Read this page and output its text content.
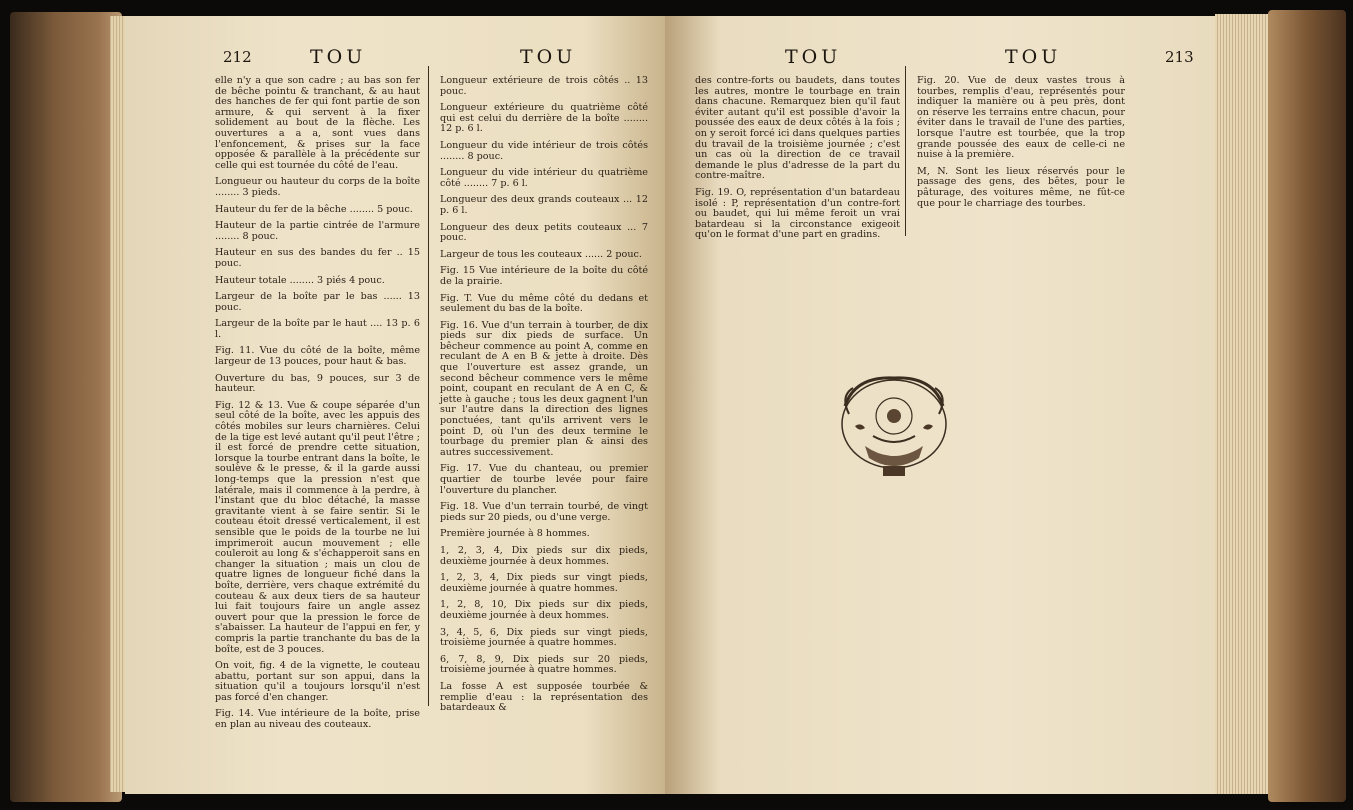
212	TOU	TOU

elle n'y a que son cadre ; au bas son fer de bêche pointu & tranchant, & au haut des hanches de fer qui font partie de son armure, & qui servent à la fixer solidement au bout de la flèche. Les ouvertures a a a, sont vues dans l'enfoncement, & prises sur la face opposée & parallèle à la précédente sur celle qui est tournée du côté de l'eau.

Longueur ou hauteur du corps de la boîte ........ 3 pieds.

Hauteur du fer de la bêche ........ 5 pouc.

Hauteur de la partie cintrée de l'armure ........ 8 pouc.

Hauteur en sus des bandes du fer .. 15 pouc.

Hauteur totale ........ 3 piés 4 pouc.

Largeur de la boîte par le bas ...... 13 pouc.

Largeur de la boîte par le haut .... 13 p. 6 l.

Fig. 11. Vue du côté de la boîte, même largeur de 13 pouces, pour haut & bas.

Ouverture du bas, 9 pouces, sur 3 de hauteur.

Fig. 12 & 13. Vue & coupe séparée d'un seul côté de la boîte, avec les appuis des côtés mobiles sur leurs charnières. Celui de la tige est levé autant qu'il peut l'être ; il est forcé de prendre cette situation, lorsque la tourbe entrant dans la boîte, le soulève & le presse, & il la garde aussi long-temps que la pression n'est que latérale, mais il commence à la perdre, à l'instant que du bloc détaché, la masse gravitante vient à se faire sentir. Si le couteau étoit dressé verticalement, il est sensible que le poids de la tourbe ne lui imprimeroit aucun mouvement ; elle couleroit au long & s'échapperoit sans en changer la situation ; mais un clou de quatre lignes de longueur fiché dans la boîte, derrière, vers chaque extrémité du couteau & aux deux tiers de sa hauteur lui fait toujours faire un angle assez ouvert pour que la pression le force de s'abaisser. La hauteur de l'appui en fer, y compris la partie tranchante du bas de la boîte, est de 3 pouces.

On voit, fig. 4 de la vignette, le couteau abattu, portant sur son appui, dans la situation qu'il a toujours lorsqu'il n'est pas forcé d'en changer.

Fig. 14. Vue intérieure de la boîte, prise en plan au niveau des couteaux.

Longueur extérieure de trois côtés .. 13 pouc.

Longueur extérieure du quatrième côté qui est celui du derrière de la boîte ........ 12 p. 6 l.

Longueur du vide intérieur de trois côtés ........ 8 pouc.

Longueur du vide intérieur du quatrième côté ........ 7 p. 6 l.

Longueur des deux grands couteaux ... 12 p. 6 l.

Longueur des deux petits couteaux ... 7 pouc.

Largeur de tous les couteaux ...... 2 pouc.

Fig. 15 Vue intérieure de la boîte du côté de la prairie.

Fig. T. Vue du même côté du dedans et seulement du bas de la boîte.

Fig. 16. Vue d'un terrain à tourber, de dix pieds sur dix pieds de surface. Un bêcheur commence au point A, comme en reculant de A en B & jette à droite. Dès que l'ouverture est assez grande, un second bêcheur commence vers le même point, coupant en reculant de A en C, & jette à gauche ; tous les deux gagnent l'un sur l'autre dans la direction des lignes ponctuées, tant qu'ils arrivent vers le point D, où l'un des deux termine le tourbage du premier plan & ainsi des autres successivement.

Fig. 17. Vue du chanteau, ou premier quartier de tourbe levée pour faire l'ouverture du plancher.

Fig. 18. Vue d'un terrain tourbé, de vingt pieds sur 20 pieds, ou d'une verge.

Première journée à 8 hommes.

1, 2, 3, 4, Dix pieds sur dix pieds, deuxième journée à deux hommes.

1, 2, 3, 4, Dix pieds sur vingt pieds, deuxième journée à quatre hommes.

1, 2, 8, 10, Dix pieds sur dix pieds, deuxième journée à deux hommes.

3, 4, 5, 6, Dix pieds sur vingt pieds, troisième journée à quatre hommes.

6, 7, 8, 9, Dix pieds sur 20 pieds, troisième journée à quatre hommes.

La fosse A est supposée tourbée & remplie d'eau : la représentation des batardeaux &

TOU	TOU	213

des contre-forts ou baudets, dans toutes les autres, montre le tourbage en train dans chacune. Remarquez bien qu'il faut éviter autant qu'il est possible d'avoir la poussée des eaux de deux côtés à la fois ; on y seroit forcé ici dans quelques parties du travail de la troisième journée ; c'est un cas où la direction de ce travail demande le plus d'adresse de la part du contre-maître.

Fig. 19. O, représentation d'un batardeau isolé : P, représentation d'un contre-fort ou baudet, qui lui même feroit un vrai batardeau si la circonstance exigeoit qu'on le format d'une part en gradins.

Fig. 20. Vue de deux vastes trous à tourbes, remplis d'eau, représentés pour indiquer la manière ou à peu près, dont on réserve les terrains entre chacun, pour éviter dans le travail de l'une des parties, lorsque l'autre est tourbée, que la trop grande poussée des eaux de celle-ci ne nuise à la première.

M, N. Sont les lieux réservés pour le passage des gens, des bêtes, pour le pâturage, des voitures même, ne fût-ce que pour le charriage des tourbes.
